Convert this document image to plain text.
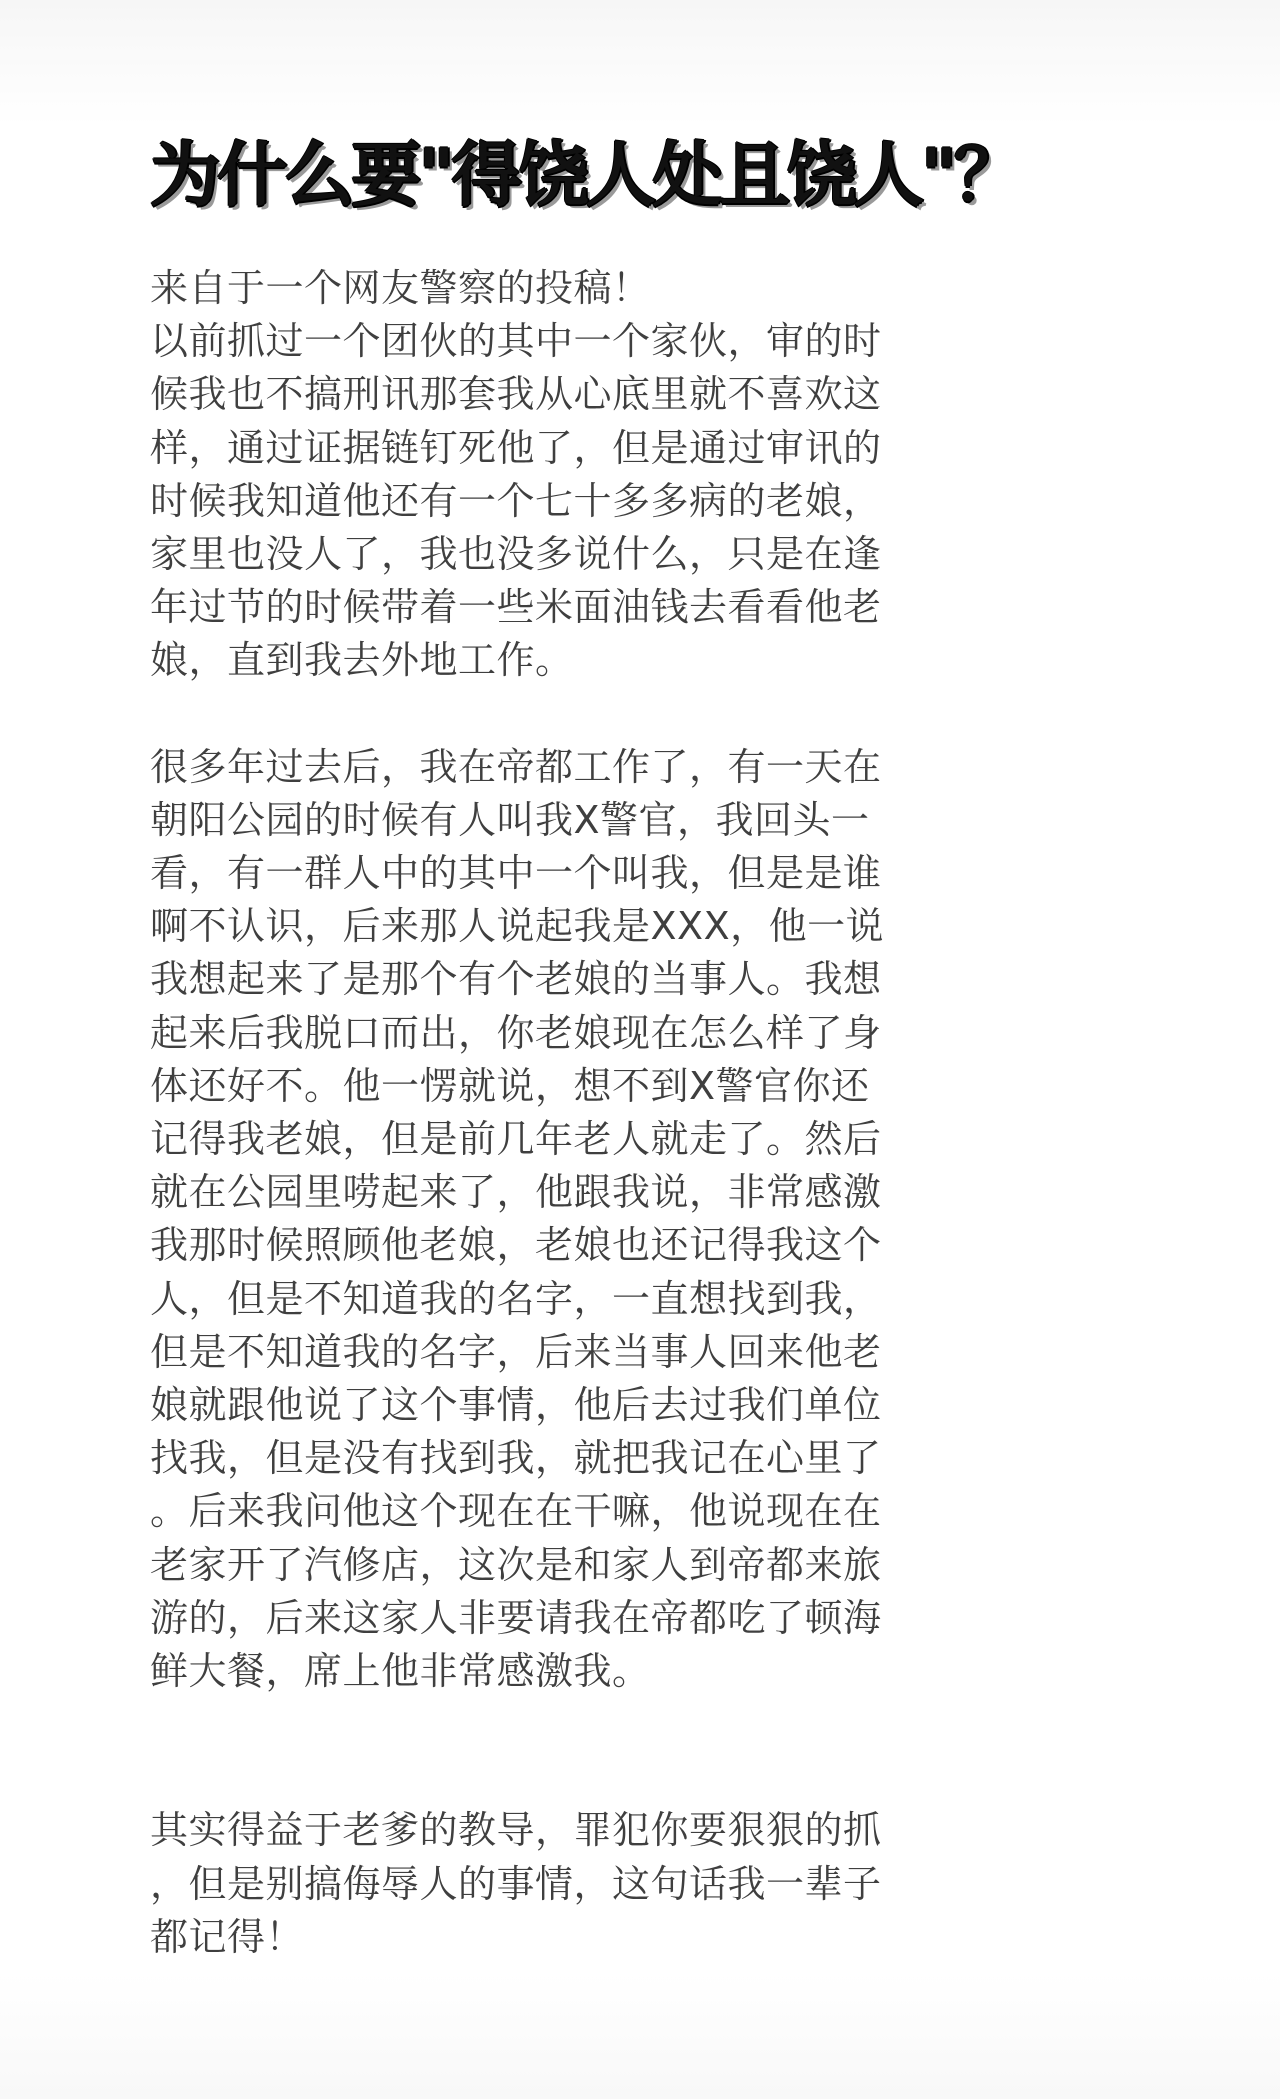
为什么要"得饶人处且饶人"？
来自于一个网友警察的投稿！
以前抓过一个团伙的其中一个家伙，审的时
候我也不搞刑讯那套我从心底里就不喜欢这
样，通过证据链钉死他了，但是通过审讯的
时候我知道他还有一个七十多多病的老娘，
家里也没人了，我也没多说什么，只是在逢
年过节的时候带着一些米面油钱去看看他老
娘，直到我去外地工作。
很多年过去后，我在帝都工作了，有一天在
朝阳公园的时候有人叫我X警官，我回头一
看，有一群人中的其中一个叫我，但是是谁
啊不认识，后来那人说起我是XXX，他一说
我想起来了是那个有个老娘的当事人。我想
起来后我脱口而出，你老娘现在怎么样了身
体还好不。他一愣就说，想不到X警官你还
记得我老娘，但是前几年老人就走了。然后
就在公园里唠起来了，他跟我说，非常感激
我那时候照顾他老娘，老娘也还记得我这个
人，但是不知道我的名字，一直想找到我，
但是不知道我的名字，后来当事人回来他老
娘就跟他说了这个事情，他后去过我们单位
找我，但是没有找到我，就把我记在心里了
。后来我问他这个现在在干嘛，他说现在在
老家开了汽修店，这次是和家人到帝都来旅
游的，后来这家人非要请我在帝都吃了顿海
鲜大餐，席上他非常感激我。
其实得益于老爹的教导，罪犯你要狠狠的抓
，但是别搞侮辱人的事情，这句话我一辈子
都记得！
